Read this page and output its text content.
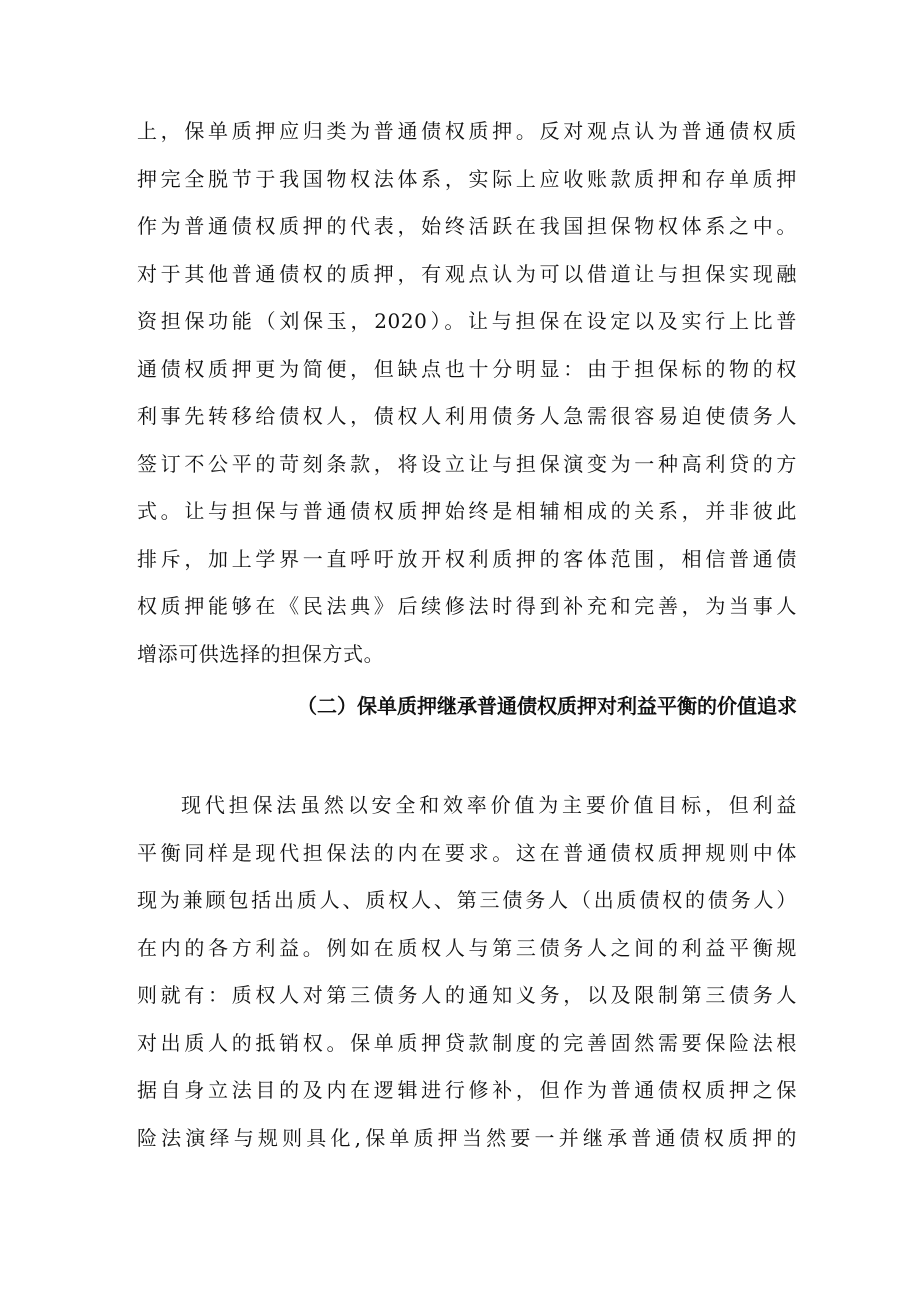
上，保单质押应归类为普通债权质押。反对观点认为普通债权质
押完全脱节于我国物权法体系，实际上应收账款质押和存单质押
作为普通债权质押的代表，始终活跃在我国担保物权体系之中。
对于其他普通债权的质押，有观点认为可以借道让与担保实现融
资担保功能（刘保玉，2020）。让与担保在设定以及实行上比普
通债权质押更为简便，但缺点也十分明显：由于担保标的物的权
利事先转移给债权人，债权人利用债务人急需很容易迫使债务人
签订不公平的苛刻条款，将设立让与担保演变为一种高利贷的方
式。让与担保与普通债权质押始终是相辅相成的关系，并非彼此
排斥，加上学界一直呼吁放开权利质押的客体范围，相信普通债
权质押能够在《民法典》后续修法时得到补充和完善，为当事人
增添可供选择的担保方式。
（二）保单质押继承普通债权质押对利益平衡的价值追求
现代担保法虽然以安全和效率价值为主要价值目标，但利益
平衡同样是现代担保法的内在要求。这在普通债权质押规则中体
现为兼顾包括出质人、质权人、第三债务人（出质债权的债务人）
在内的各方利益。例如在质权人与第三债务人之间的利益平衡规
则就有：质权人对第三债务人的通知义务，以及限制第三债务人
对出质人的抵销权。保单质押贷款制度的完善固然需要保险法根
据自身立法目的及内在逻辑进行修补，但作为普通债权质押之保
险法演绎与规则具化,保单质押当然要一并继承普通债权质押的
